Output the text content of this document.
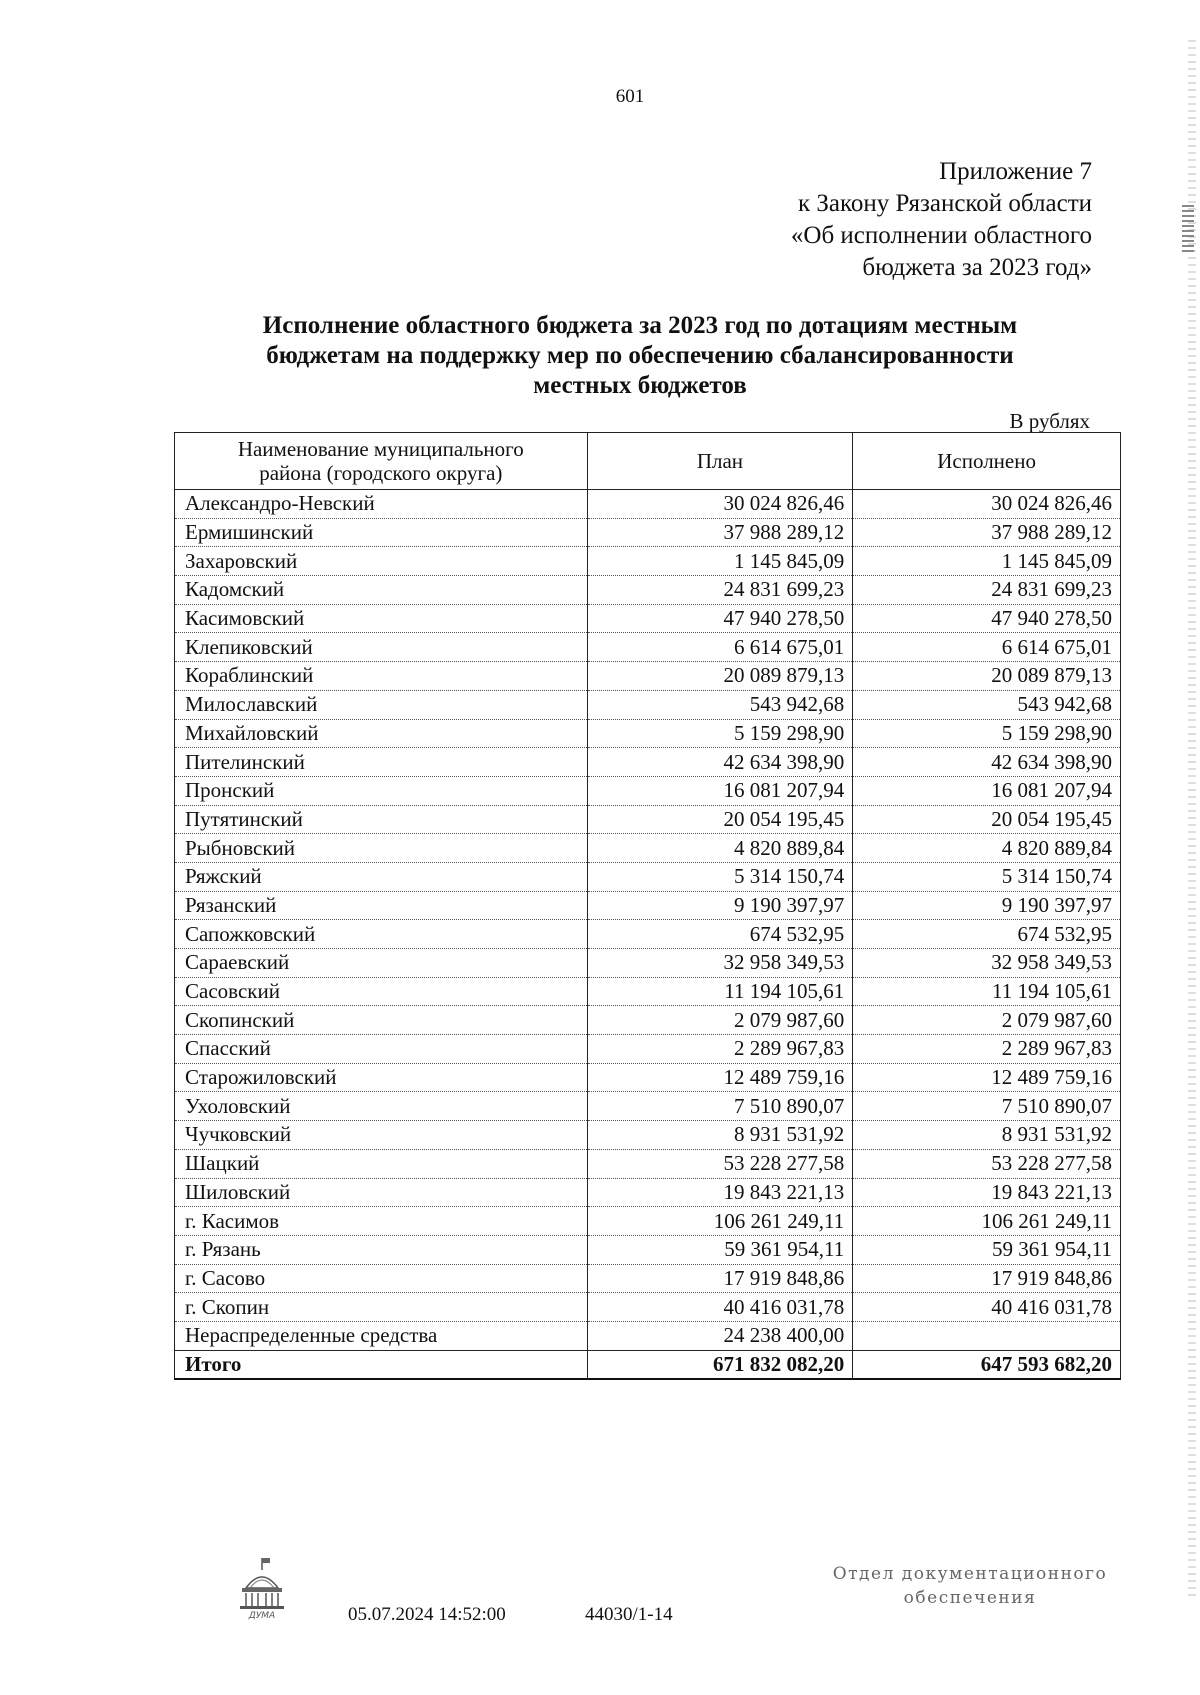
601
Приложение 7
к Закону Рязанской области
«Об исполнении областного
бюджета за 2023 год»
Исполнение областного бюджета за 2023 год по дотациям местным
бюджетам на поддержку мер по обеспечению сбалансированности
местных бюджетов
В рублях
Наименование муниципального
района (городского округа)	План	Исполнено
Александро-Невский	30 024 826,46	30 024 826,46
Ермишинский	37 988 289,12	37 988 289,12
Захаровский	1 145 845,09	1 145 845,09
Кадомский	24 831 699,23	24 831 699,23
Касимовский	47 940 278,50	47 940 278,50
Клепиковский	6 614 675,01	6 614 675,01
Кораблинский	20 089 879,13	20 089 879,13
Милославский	543 942,68	543 942,68
Михайловский	5 159 298,90	5 159 298,90
Пителинский	42 634 398,90	42 634 398,90
Пронский	16 081 207,94	16 081 207,94
Путятинский	20 054 195,45	20 054 195,45
Рыбновский	4 820 889,84	4 820 889,84
Ряжский	5 314 150,74	5 314 150,74
Рязанский	9 190 397,97	9 190 397,97
Сапожковский	674 532,95	674 532,95
Сараевский	32 958 349,53	32 958 349,53
Сасовский	11 194 105,61	11 194 105,61
Скопинский	2 079 987,60	2 079 987,60
Спасский	2 289 967,83	2 289 967,83
Старожиловский	12 489 759,16	12 489 759,16
Ухоловский	7 510 890,07	7 510 890,07
Чучковский	8 931 531,92	8 931 531,92
Шацкий	53 228 277,58	53 228 277,58
Шиловский	19 843 221,13	19 843 221,13
г. Касимов	106 261 249,11	106 261 249,11
г. Рязань	59 361 954,11	59 361 954,11
г. Сасово	17 919 848,86	17 919 848,86
г. Скопин	40 416 031,78	40 416 031,78
Нераспределенные средства	24 238 400,00	
Итого	671 832 082,20	647 593 682,20
ДУМА	05.07.2024 14:52:00	44030/1-14
Отдел документационного
обеспечения
